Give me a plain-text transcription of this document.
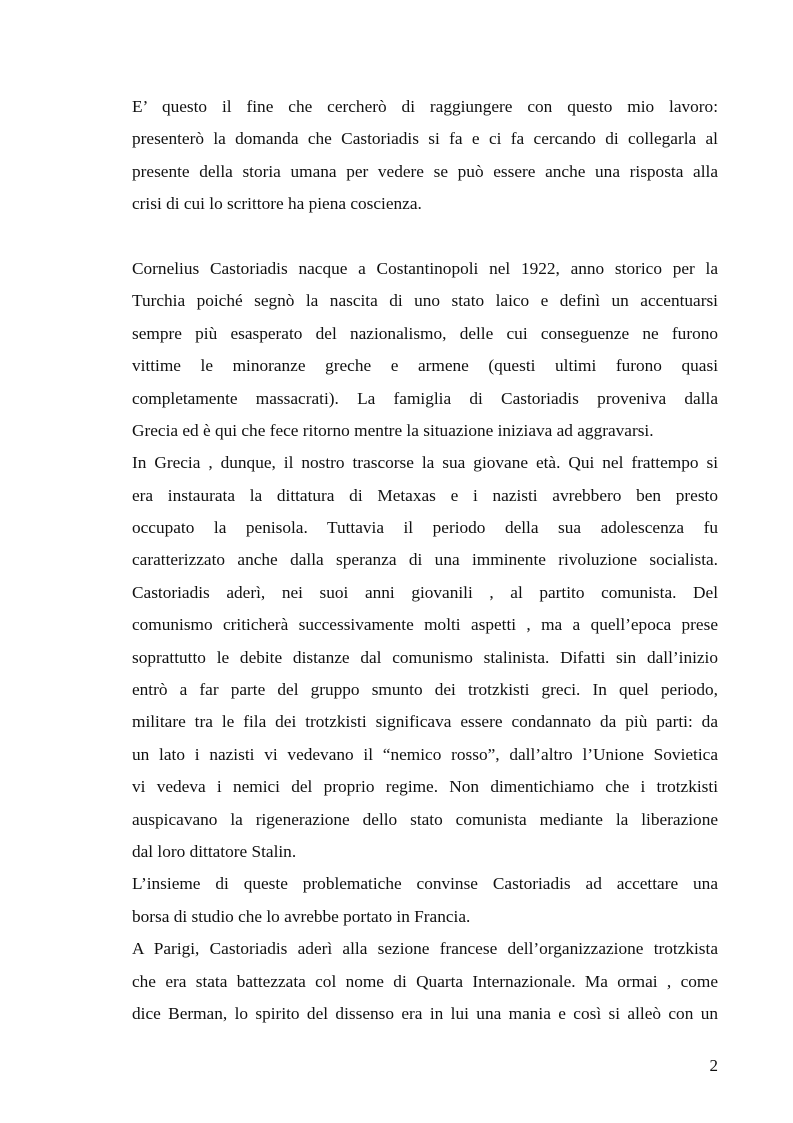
E’ questo il fine che cercherò di raggiungere con questo mio lavoro:
presenterò la domanda che Castoriadis si fa e ci fa cercando di collegarla al
presente della storia umana per vedere se può essere anche una risposta alla
crisi di cui lo scrittore ha piena coscienza.
Cornelius Castoriadis nacque a Costantinopoli nel 1922, anno storico per la
Turchia poiché segnò la nascita di uno stato laico e definì un accentuarsi
sempre più esasperato del nazionalismo, delle cui conseguenze ne furono
vittime le minoranze greche e armene (questi ultimi furono quasi
completamente massacrati). La famiglia di Castoriadis proveniva dalla
Grecia ed è qui che fece ritorno mentre la situazione iniziava ad aggravarsi.
In Grecia , dunque, il nostro trascorse la sua giovane età. Qui nel frattempo si
era instaurata la dittatura di Metaxas e i nazisti avrebbero ben presto
occupato la penisola. Tuttavia il periodo della sua adolescenza fu
caratterizzato anche dalla speranza di una imminente rivoluzione socialista.
Castoriadis aderì, nei suoi anni giovanili , al partito comunista. Del
comunismo criticherà successivamente molti aspetti , ma a quell’epoca prese
soprattutto le debite distanze dal comunismo stalinista. Difatti sin dall’inizio
entrò a far parte del gruppo smunto dei trotzkisti greci. In quel periodo,
militare tra le fila dei trotzkisti significava essere condannato da più parti: da
un lato i nazisti vi vedevano il “nemico rosso”, dall’altro l’Unione Sovietica
vi vedeva i nemici del proprio regime. Non dimentichiamo che i trotzkisti
auspicavano la rigenerazione dello stato comunista mediante la liberazione
dal loro dittatore Stalin.
L’insieme di queste problematiche convinse Castoriadis ad accettare una
borsa di studio che lo avrebbe portato in Francia.
A Parigi, Castoriadis aderì alla sezione francese dell’organizzazione trotzkista
che era stata battezzata col nome di Quarta Internazionale. Ma ormai , come
dice Berman, lo spirito del dissenso era in lui una mania e così si alleò con un
2
